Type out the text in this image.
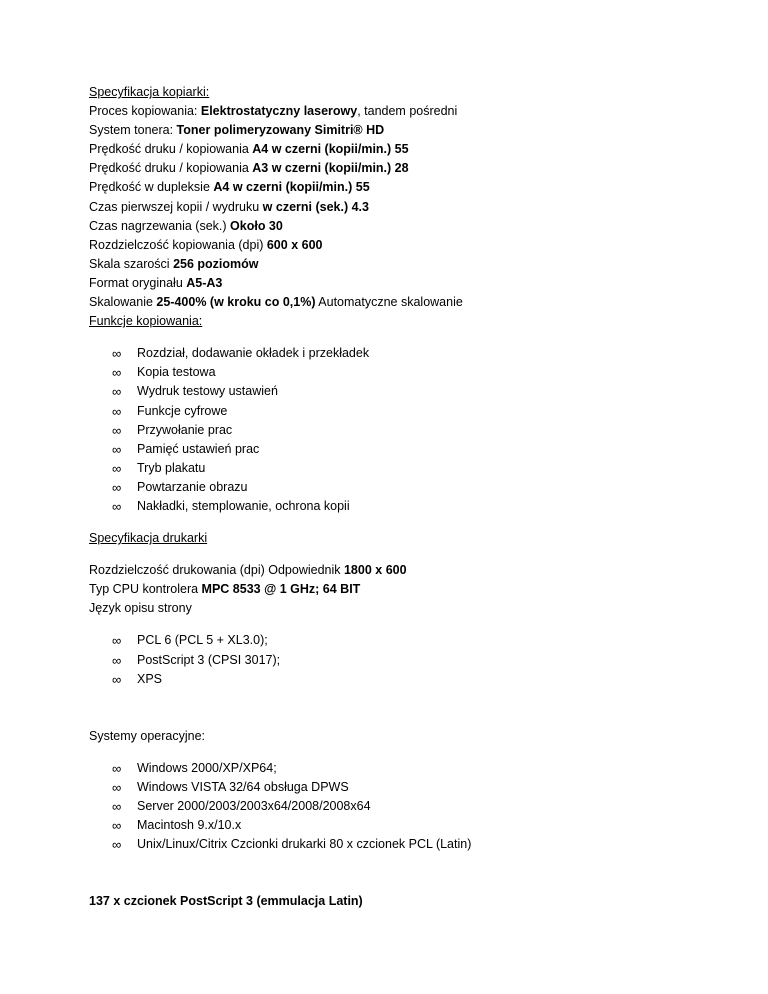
Specyfikacja kopiarki:
Proces kopiowania: Elektrostatyczny laserowy, tandem pośredni
System tonera: Toner polimeryzowany Simitri® HD
Prędkość druku / kopiowania A4 w czerni (kopii/min.) 55
Prędkość druku / kopiowania A3 w czerni (kopii/min.) 28
Prędkość w dupleksie A4 w czerni (kopii/min.) 55
Czas pierwszej kopii / wydruku w czerni (sek.) 4.3
Czas nagrzewania (sek.) Około 30
Rozdzielczość kopiowania (dpi) 600 x 600
Skala szarości 256 poziomów
Format oryginału A5-A3
Skalowanie 25-400% (w kroku co 0,1%) Automatyczne skalowanie
Funkcje kopiowania:
∞ Rozdział, dodawanie okładek i przekładek
∞ Kopia testowa
∞ Wydruk testowy ustawień
∞ Funkcje cyfrowe
∞ Przywołanie prac
∞ Pamięć ustawień prac
∞ Tryb plakatu
∞ Powtarzanie obrazu
∞ Nakładki, stemplowanie, ochrona kopii
Specyfikacja drukarki
Rozdzielczość drukowania (dpi) Odpowiednik 1800 x 600
Typ CPU kontrolera MPC 8533 @ 1 GHz; 64 BIT
Język opisu strony
∞ PCL 6 (PCL 5 + XL3.0);
∞ PostScript 3 (CPSI 3017);
∞ XPS
Systemy operacyjne:
∞ Windows 2000/XP/XP64;
∞ Windows VISTA 32/64 obsługa DPWS
∞ Server 2000/2003/2003x64/2008/2008x64
∞ Macintosh 9.x/10.x
∞ Unix/Linux/Citrix Czcionki drukarki 80 x czcionek PCL (Latin)
137 x czcionek PostScript 3 (emmulacja Latin)
